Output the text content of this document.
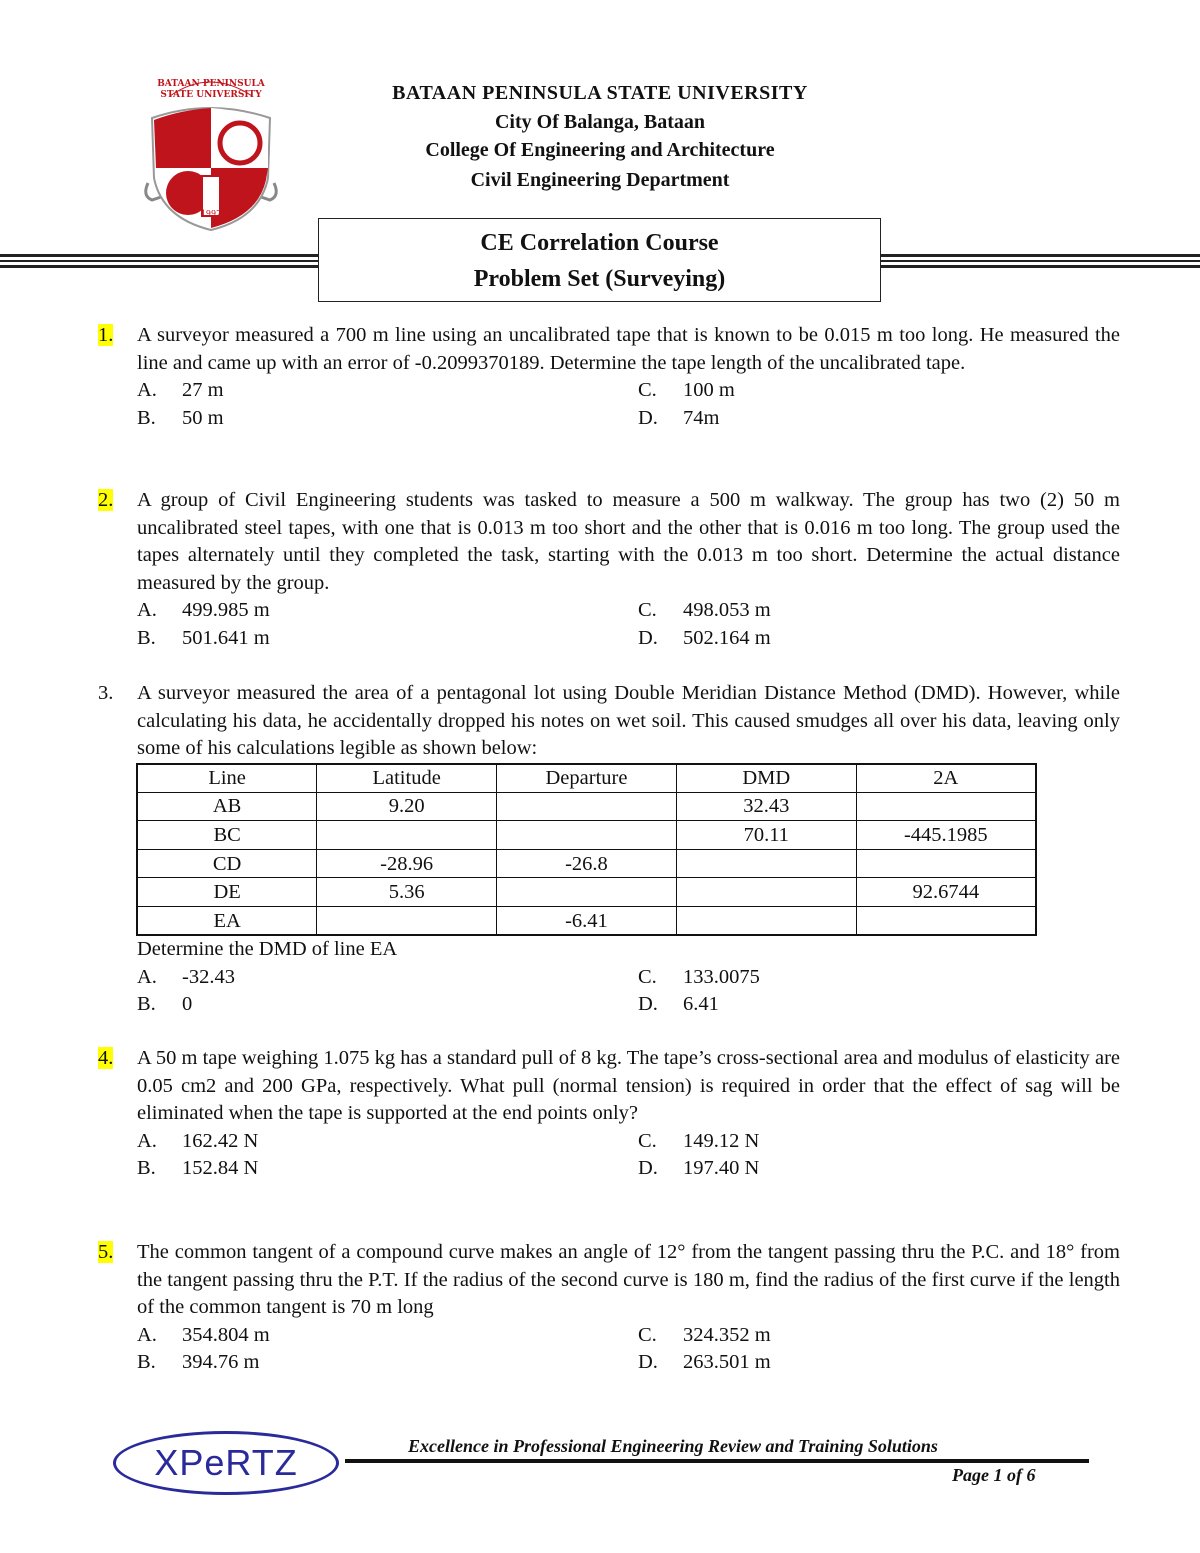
BATAAN PENINSULA
STATE UNIVERSITY
1997
BATAAN PENINSULA STATE UNIVERSITY
City Of Balanga, Bataan
College Of Engineering and Architecture
Civil Engineering Department
CE Correlation Course
Problem Set (Surveying)
1. A surveyor measured a 700 m line using an uncalibrated tape that is known to be 0.015 m too long. He measured the line and came up with an error of -0.2099370189. Determine the tape length of the uncalibrated tape.
A.	27 m	C.	100 m
B.	50 m	D.	74m
2. A group of Civil Engineering students was tasked to measure a 500 m walkway. The group has two (2) 50 m uncalibrated steel tapes, with one that is 0.013 m too short and the other that is 0.016 m too long. The group used the tapes alternately until they completed the task, starting with the 0.013 m too short. Determine the actual distance measured by the group.
A.	499.985 m	C.	498.053 m
B.	501.641 m	D.	502.164 m
3. A surveyor measured the area of a pentagonal lot using Double Meridian Distance Method (DMD). However, while calculating his data, he accidentally dropped his notes on wet soil. This caused smudges all over his data, leaving only some of his calculations legible as shown below:
Line	Latitude	Departure	DMD	2A
AB	9.20		32.43	
BC			70.11	-445.1985
CD	-28.96	-26.8		
DE	5.36			92.6744
EA		-6.41		
Determine the DMD of line EA
A.	-32.43	C.	133.0075
B.	0	D.	6.41
4. A 50 m tape weighing 1.075 kg has a standard pull of 8 kg. The tape’s cross-sectional area and modulus of elasticity are 0.05 cm2 and 200 GPa, respectively. What pull (normal tension) is required in order that the effect of sag will be eliminated when the tape is supported at the end points only?
A.	162.42 N	C.	149.12 N
B.	152.84 N	D.	197.40 N
5. The common tangent of a compound curve makes an angle of 12° from the tangent passing thru the P.C. and 18° from the tangent passing thru the P.T. If the radius of the second curve is 180 m, find the radius of the first curve if the length of the common tangent is 70 m long
A.	354.804 m	C.	324.352 m
B.	394.76 m	D.	263.501 m
XPeRTZ	Excellence in Professional Engineering Review and Training Solutions
Page 1 of 6
